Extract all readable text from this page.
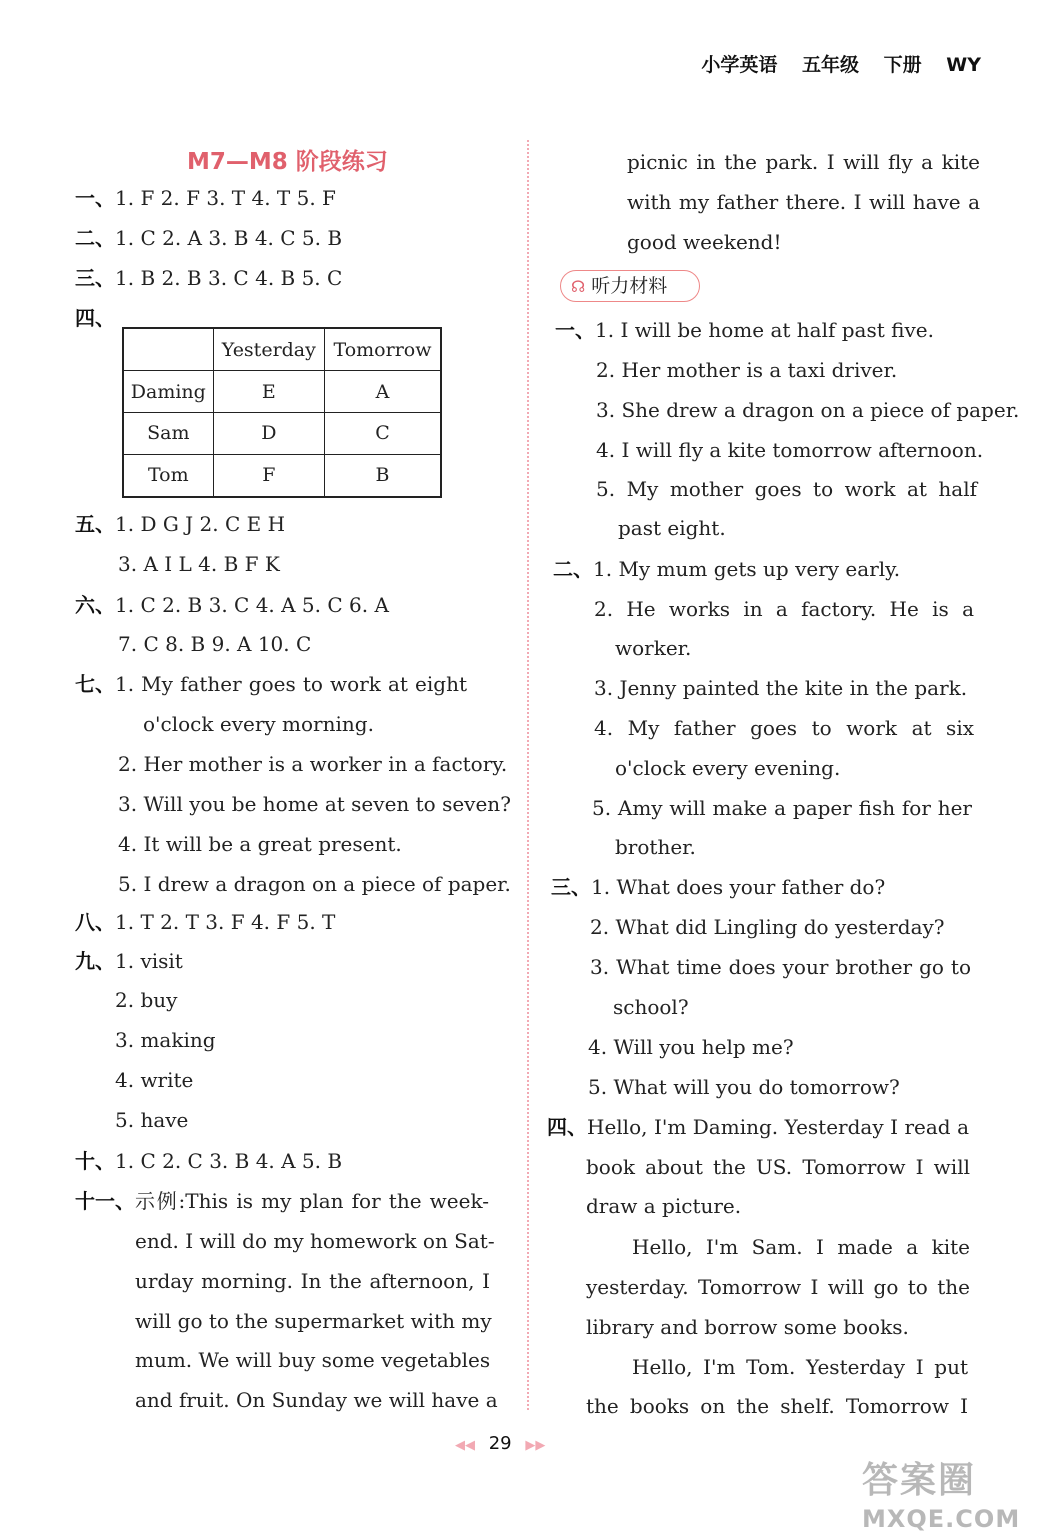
小学英语 五年级 下册 WY
M7—M8 阶段练习
一、1. F 2. F 3. T 4. T 5. F
二、1. C 2. A 3. B 4. C 5. B
三、1. B 2. B 3. C 4. B 5. C
四、
	Yesterday	Tomorrow
Daming	E	A
Sam	D	C
Tom	F	B
五、1. D G J 2. C E H
3. A I L 4. B F K
六、1. C 2. B 3. C 4. A 5. C 6. A
7. C 8. B 9. A 10. C
七、1. My father goes to work at eight
o'clock every morning.
2. Her mother is a worker in a factory.
3. Will you be home at seven to seven?
4. It will be a great present.
5. I drew a dragon on a piece of paper.
八、1. T 2. T 3. F 4. F 5. T
九、1. visit
2. buy
3. making
4. write
5. have
十、1. C 2. C 3. B 4. A 5. B
十一、示例:This is my plan for the week-
end. I will do my homework on Sat-
urday morning. In the afternoon, I
will go to the supermarket with my
mum. We will buy some vegetables
and fruit. On Sunday we will have a
picnic in the park. I will fly a kite
with my father there. I will have a
good weekend!
☊ 听力材料
一、1. I will be home at half past five.
2. Her mother is a taxi driver.
3. She drew a dragon on a piece of paper.
4. I will fly a kite tomorrow afternoon.
5. My mother goes to work at half
past eight.
二、1. My mum gets up very early.
2. He works in a factory. He is a
worker.
3. Jenny painted the kite in the park.
4. My father goes to work at six
o'clock every evening.
5. Amy will make a paper fish for her
brother.
三、1. What does your father do?
2. What did Lingling do yesterday?
3. What time does your brother go to
school?
4. Will you help me?
5. What will you do tomorrow?
四、Hello, I'm Daming. Yesterday I read a
book about the US. Tomorrow I will
draw a picture.
Hello, I'm Sam. I made a kite
yesterday. Tomorrow I will go to the
library and borrow some books.
Hello, I'm Tom. Yesterday I put
the books on the shelf. Tomorrow I
◀◀ 29 ▶▶
答案圈
MXQE.COM
